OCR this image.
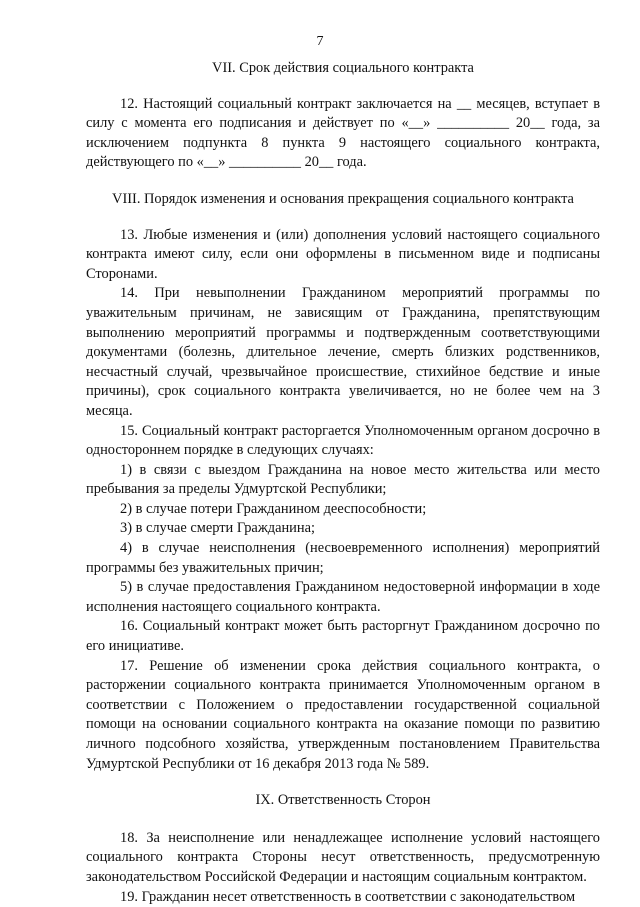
7
VII. Срок действия социального контракта

12. Настоящий социальный контракт заключается на __ месяцев, вступает в силу с момента его подписания и действует по «__» __________ 20__ года, за исключением подпункта 8 пункта 9 настоящего социального контракта, действующего по «__» __________ 20__ года.

VIII. Порядок изменения и основания прекращения социального контракта

13. Любые изменения и (или) дополнения условий настоящего социального контракта имеют силу, если они оформлены в письменном виде и подписаны Сторонами.

14. При невыполнении Гражданином мероприятий программы по уважительным причинам, не зависящим от Гражданина, препятствующим выполнению мероприятий программы и подтвержденным соответствующими документами (болезнь, длительное лечение, смерть близких родственников, несчастный случай, чрезвычайное происшествие, стихийное бедствие и иные причины), срок социального контракта увеличивается, но не более чем на 3 месяца.

15. Социальный контракт расторгается Уполномоченным органом досрочно в одностороннем порядке в следующих случаях:

1) в связи с выездом Гражданина на новое место жительства или место пребывания за пределы Удмуртской Республики;

2) в случае потери Гражданином дееспособности;

3) в случае смерти Гражданина;

4) в случае неисполнения (несвоевременного исполнения) мероприятий программы без уважительных причин;

5) в случае предоставления Гражданином недостоверной информации в ходе исполнения настоящего социального контракта.

16. Социальный контракт может быть расторгнут Гражданином досрочно по его инициативе.

17. Решение об изменении срока действия социального контракта, о расторжении социального контракта принимается Уполномоченным органом в соответствии с Положением о предоставлении государственной социальной помощи на основании социального контракта на оказание помощи по развитию личного подсобного хозяйства, утвержденным постановлением Правительства Удмуртской Республики от 16 декабря 2013 года № 589.

IX. Ответственность Сторон

18. За неисполнение или ненадлежащее исполнение условий настоящего социального контракта Стороны несут ответственность, предусмотренную законодательством Российской Федерации и настоящим социальным контрактом.

19. Гражданин несет ответственность в соответствии с законодательством
